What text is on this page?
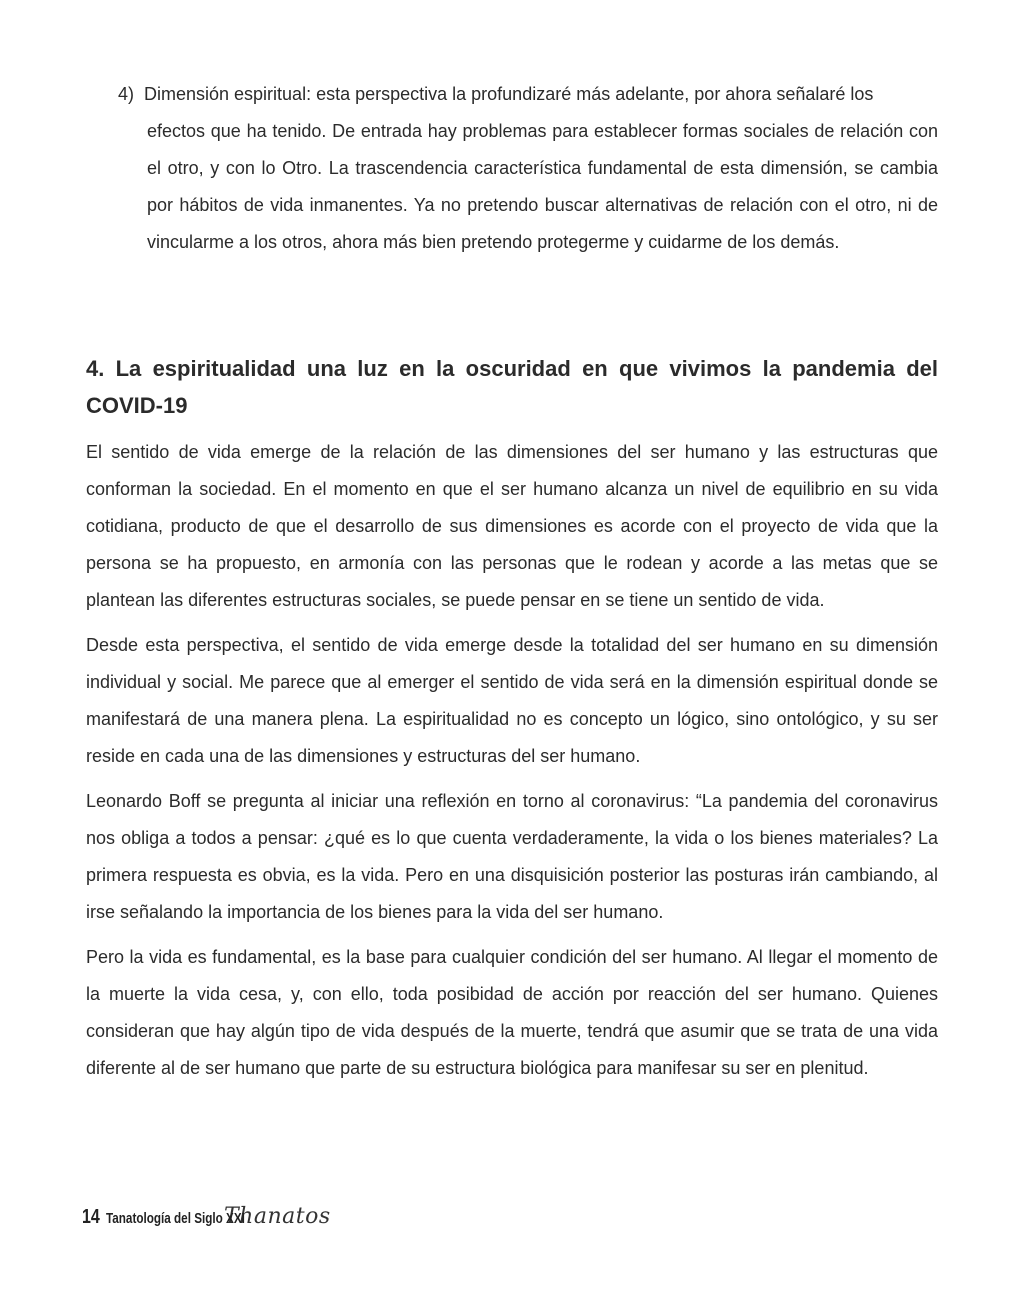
4) Dimensión espiritual: esta perspectiva la profundizaré más adelante, por ahora señalaré los
efectos que ha tenido. De entrada hay problemas para establecer formas sociales de relación con el otro, y con lo Otro. La trascendencia característica fundamental de esta dimensión, se cambia por hábitos de vida inmanentes. Ya no pretendo buscar alternativas de relación con el otro, ni de vincularme a los otros, ahora más bien pretendo protegerme y cuidarme de los demás.
4. La espiritualidad una luz en la oscuridad en que vivimos la pandemia del COVID-19

El sentido de vida emerge de la relación de las dimensiones del ser humano y las estructuras que conforman la sociedad. En el momento en que el ser humano alcanza un nivel de equilibrio en su vida cotidiana, producto de que el desarrollo de sus dimensiones es acorde con el proyecto de vida que la persona se ha propuesto, en armonía con las personas que le rodean y acorde a las metas que se plantean las diferentes estructuras sociales, se puede pensar en se tiene un sentido de vida.

Desde esta perspectiva, el sentido de vida emerge desde la totalidad del ser humano en su dimensión individual y social. Me parece que al emerger el sentido de vida será en la dimensión espiritual donde se manifestará de una manera plena. La espiritualidad no es concepto un lógico, sino ontológico, y su ser reside en cada una de las dimensiones y estructuras del ser humano.

Leonardo Boff se pregunta al iniciar una reflexión en torno al coronavirus: “La pandemia del coronavirus nos obliga a todos a pensar: ¿qué es lo que cuenta verdaderamente, la vida o los bienes materiales? La primera respuesta es obvia, es la vida. Pero en una disquisición posterior las posturas irán cambiando, al irse señalando la importancia de los bienes para la vida del ser humano.

Pero la vida es fundamental, es la base para cualquier condición del ser humano. Al llegar el momento de la muerte la vida cesa, y, con ello, toda posibidad de acción por reacción del ser humano. Quienes consideran que hay algún tipo de vida después de la muerte, tendrá que asumir que se trata de una vida diferente al de ser humano que parte de su estructura biológica para manifesar su ser en plenitud.

14 Tanatología del Siglo XXI
Thanatos
